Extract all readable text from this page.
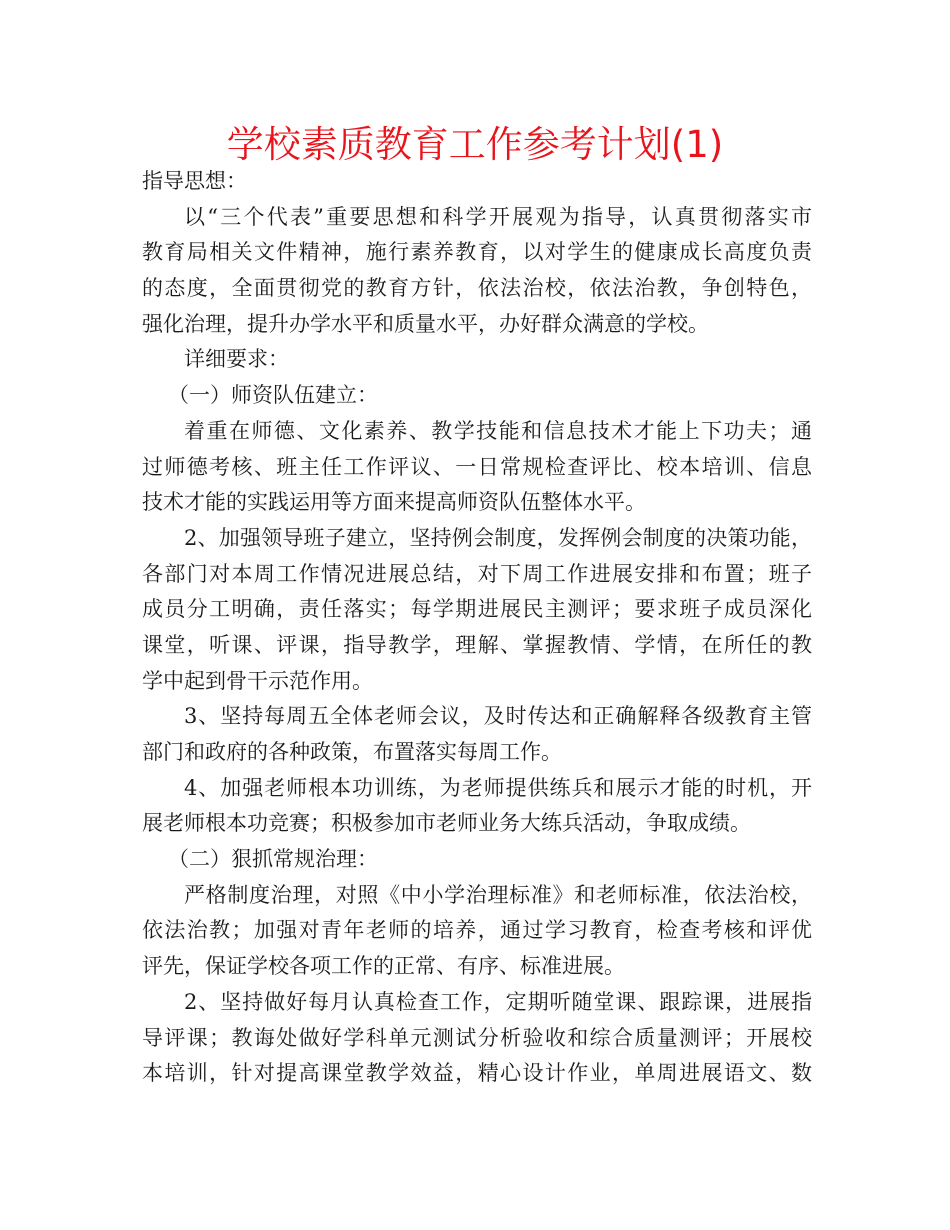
学校素质教育工作参考计划(1)
指导思想：
以“三个代表”重要思想和科学开展观为指导，认真贯彻落实市
教育局相关文件精神，施行素养教育，以对学生的健康成长高度负责
的态度，全面贯彻党的教育方针，依法治校，依法治教，争创特色，
强化治理，提升办学水平和质量水平，办好群众满意的学校。
详细要求：
（一）师资队伍建立：
着重在师德、文化素养、教学技能和信息技术才能上下功夫；通
过师德考核、班主任工作评议、一日常规检查评比、校本培训、信息
技术才能的实践运用等方面来提高师资队伍整体水平。
2、加强领导班子建立，坚持例会制度，发挥例会制度的决策功能，
各部门对本周工作情况进展总结，对下周工作进展安排和布置；班子
成员分工明确，责任落实；每学期进展民主测评；要求班子成员深化
课堂，听课、评课，指导教学，理解、掌握教情、学情，在所任的教
学中起到骨干示范作用。
3、坚持每周五全体老师会议，及时传达和正确解释各级教育主管
部门和政府的各种政策，布置落实每周工作。
4、加强老师根本功训练，为老师提供练兵和展示才能的时机，开
展老师根本功竞赛；积极参加市老师业务大练兵活动，争取成绩。
（二）狠抓常规治理：
严格制度治理，对照《中小学治理标准》和老师标准，依法治校，
依法治教；加强对青年老师的培养，通过学习教育，检查考核和评优
评先，保证学校各项工作的正常、有序、标准进展。
2、坚持做好每月认真检查工作，定期听随堂课、跟踪课，进展指
导评课；教诲处做好学科单元测试分析验收和综合质量测评；开展校
本培训，针对提高课堂教学效益，精心设计作业，单周进展语文、数
